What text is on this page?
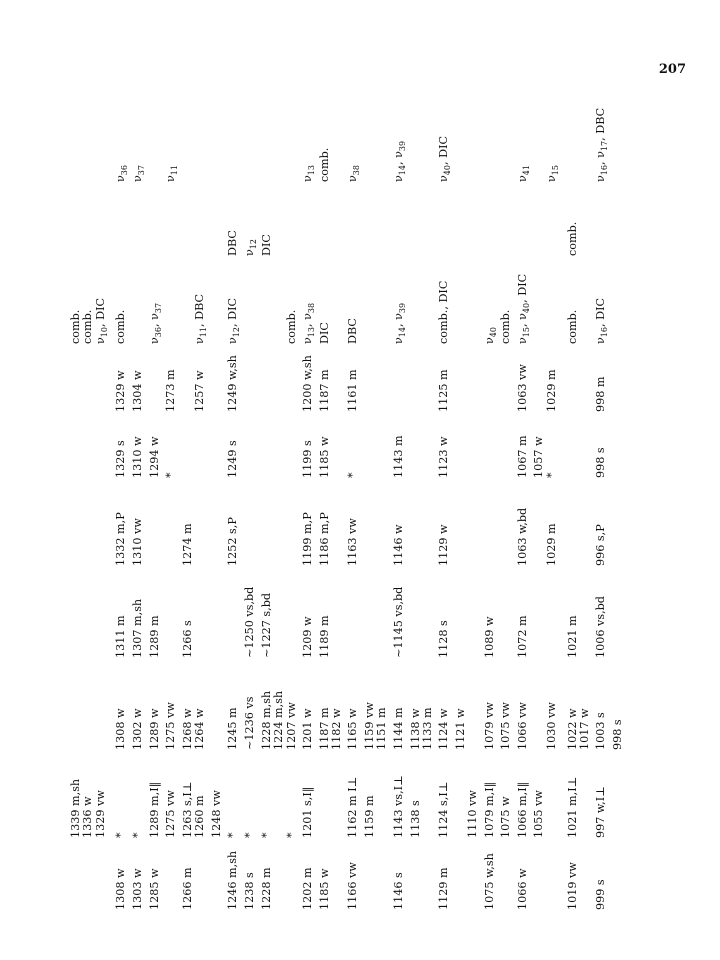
207
	1339 m,sh						comb.		
	1336 w						comb.		
	1329 vw						$\nu_{10}$, DIC		
1308 w	*	1308 w	1311 m	1332 m,P	1329 s	1329 w	comb.		$\nu_{36}$
1303 w	*	1302 w	1307 m,sh	1310 vw	1310 w	1304 w			$\nu_{37}$
1285 w	1289 m,I‖	1289 w	1289 m		1294 w		$\nu_{36}$, $\nu_{37}$		
	1275 vw	1275 vw			*	1273 m			$\nu_{11}$
1266 m	1263 s,I⊥	1268 w	1266 s	1274 m					
	1260 m	1264 w				1257 w	$\nu_{11}$, DBC		
	1248 vw								
1246 m,sh	*	1245 m		1252 s,P	1249 s	1249 w,sh	$\nu_{12}$, DIC	DBC	
1238 s	*	~1236 vs	~1250 vs,bd					$\nu_{12}$	
1228 m	*	1228 m,sh	~1227 s,bd					DIC	
		1224 m,sh							
	*	1207 vw					comb.		
1202 m	1201 s,I‖	1201 w	1209 w	1199 m,P	1199 s	1200 w,sh	$\nu_{13}$, $\nu_{38}$		$\nu_{13}$
1185 w		1187 m	1189 m	1186 m,P	1185 w	1187 m	DIC		comb.
		1182 w							
1166 vw	1162 m I⊥	1165 w		1163 vw	*	1161 m	DBC		$\nu_{38}$
	1159 m	1159 vw							
		1151 m							
1146 s	1143 vs,I⊥	1144 m	~1145 vs,bd	1146 w	1143 m		$\nu_{14}$, $\nu_{39}$		$\nu_{14}$, $\nu_{39}$
	1138 s	1138 w							
		1133 m							
1129 m	1124 s,I⊥	1124 w	1128 s	1129 w	1123 w	1125 m	comb., DIC		$\nu_{40}$, DIC
		1121 w							
	1110 vw								
1075 w,sh	1079 m,I‖	1079 vw	1089 w				$\nu_{40}$		
	1075 w	1075 vw					comb.		
1066 w	1066 m,I‖	1066 vw	1072 m	1063 w,bd	1067 m	1063 vw	$\nu_{15}$, $\nu_{40}$, DIC		$\nu_{41}$
	1055 vw				1057 w				
		1030 vw		1029 m	*	1029 m			$\nu_{15}$
1019 vw	1021 m,I⊥	1022 w	1021 m				comb.	comb.	
		1017 w							
999 s	997 w,I⊥	1003 s	1006 vs,bd	996 s,P	998 s	998 m	$\nu_{16}$, DIC		$\nu_{16}$, $\nu_{17}$, DBC
		998 s							
